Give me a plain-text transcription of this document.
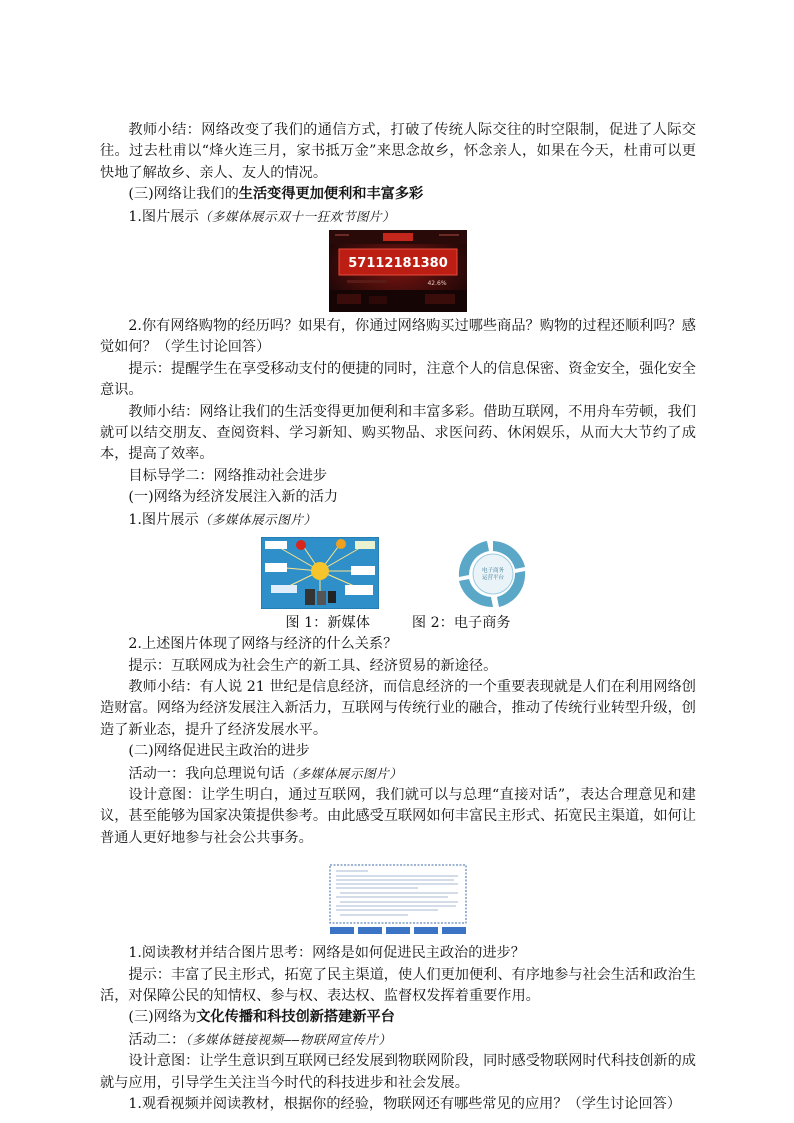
教师小结：网络改变了我们的通信方式，打破了传统人际交往的时空限制，促进了人际交往。过去杜甫以“烽火连三月，家书抵万金”来思念故乡，怀念亲人，如果在今天，杜甫可以更快地了解故乡、亲人、友人的情况。

(三)网络让我们的生活变得更加便利和丰富多彩

1.图片展示（多媒体展示双十一狂欢节图片）

57112181380
42.6%

2.你有网络购物的经历吗？如果有，你通过网络购买过哪些商品？购物的过程还顺利吗？感觉如何？（学生讨论回答）

提示：提醒学生在享受移动支付的便捷的同时，注意个人的信息保密、资金安全，强化安全意识。

教师小结：网络让我们的生活变得更加便利和丰富多彩。借助互联网，不用舟车劳顿，我们就可以结交朋友、查阅资料、学习新知、购买物品、求医问药、休闲娱乐，从而大大节约了成本，提高了效率。

目标导学二：网络推动社会进步

(一)网络为经济发展注入新的活力

1.图片展示（多媒体展示图片）

电子商务
运营平台
图 1：新媒体	图 2：电子商务

2.上述图片体现了网络与经济的什么关系？

提示：互联网成为社会生产的新工具、经济贸易的新途径。

教师小结：有人说 21 世纪是信息经济，而信息经济的一个重要表现就是人们在利用网络创造财富。网络为经济发展注入新活力，互联网与传统行业的融合，推动了传统行业转型升级，创造了新业态，提升了经济发展水平。

(二)网络促进民主政治的进步

活动一：我向总理说句话（多媒体展示图片）

设计意图：让学生明白，通过互联网，我们就可以与总理“直接对话”，表达合理意见和建议，甚至能够为国家决策提供参考。由此感受互联网如何丰富民主形式、拓宽民主渠道，如何让普通人更好地参与社会公共事务。

1.阅读教材并结合图片思考：网络是如何促进民主政治的进步？

提示：丰富了民主形式，拓宽了民主渠道，使人们更加便利、有序地参与社会生活和政治生活，对保障公民的知情权、参与权、表达权、监督权发挥着重要作用。

(三)网络为文化传播和科技创新搭建新平台

活动二：（多媒体链接视频——物联网宣传片）

设计意图：让学生意识到互联网已经发展到物联网阶段，同时感受物联网时代科技创新的成就与应用，引导学生关注当今时代的科技进步和社会发展。

1.观看视频并阅读教材，根据你的经验，物联网还有哪些常见的应用？（学生讨论回答）
